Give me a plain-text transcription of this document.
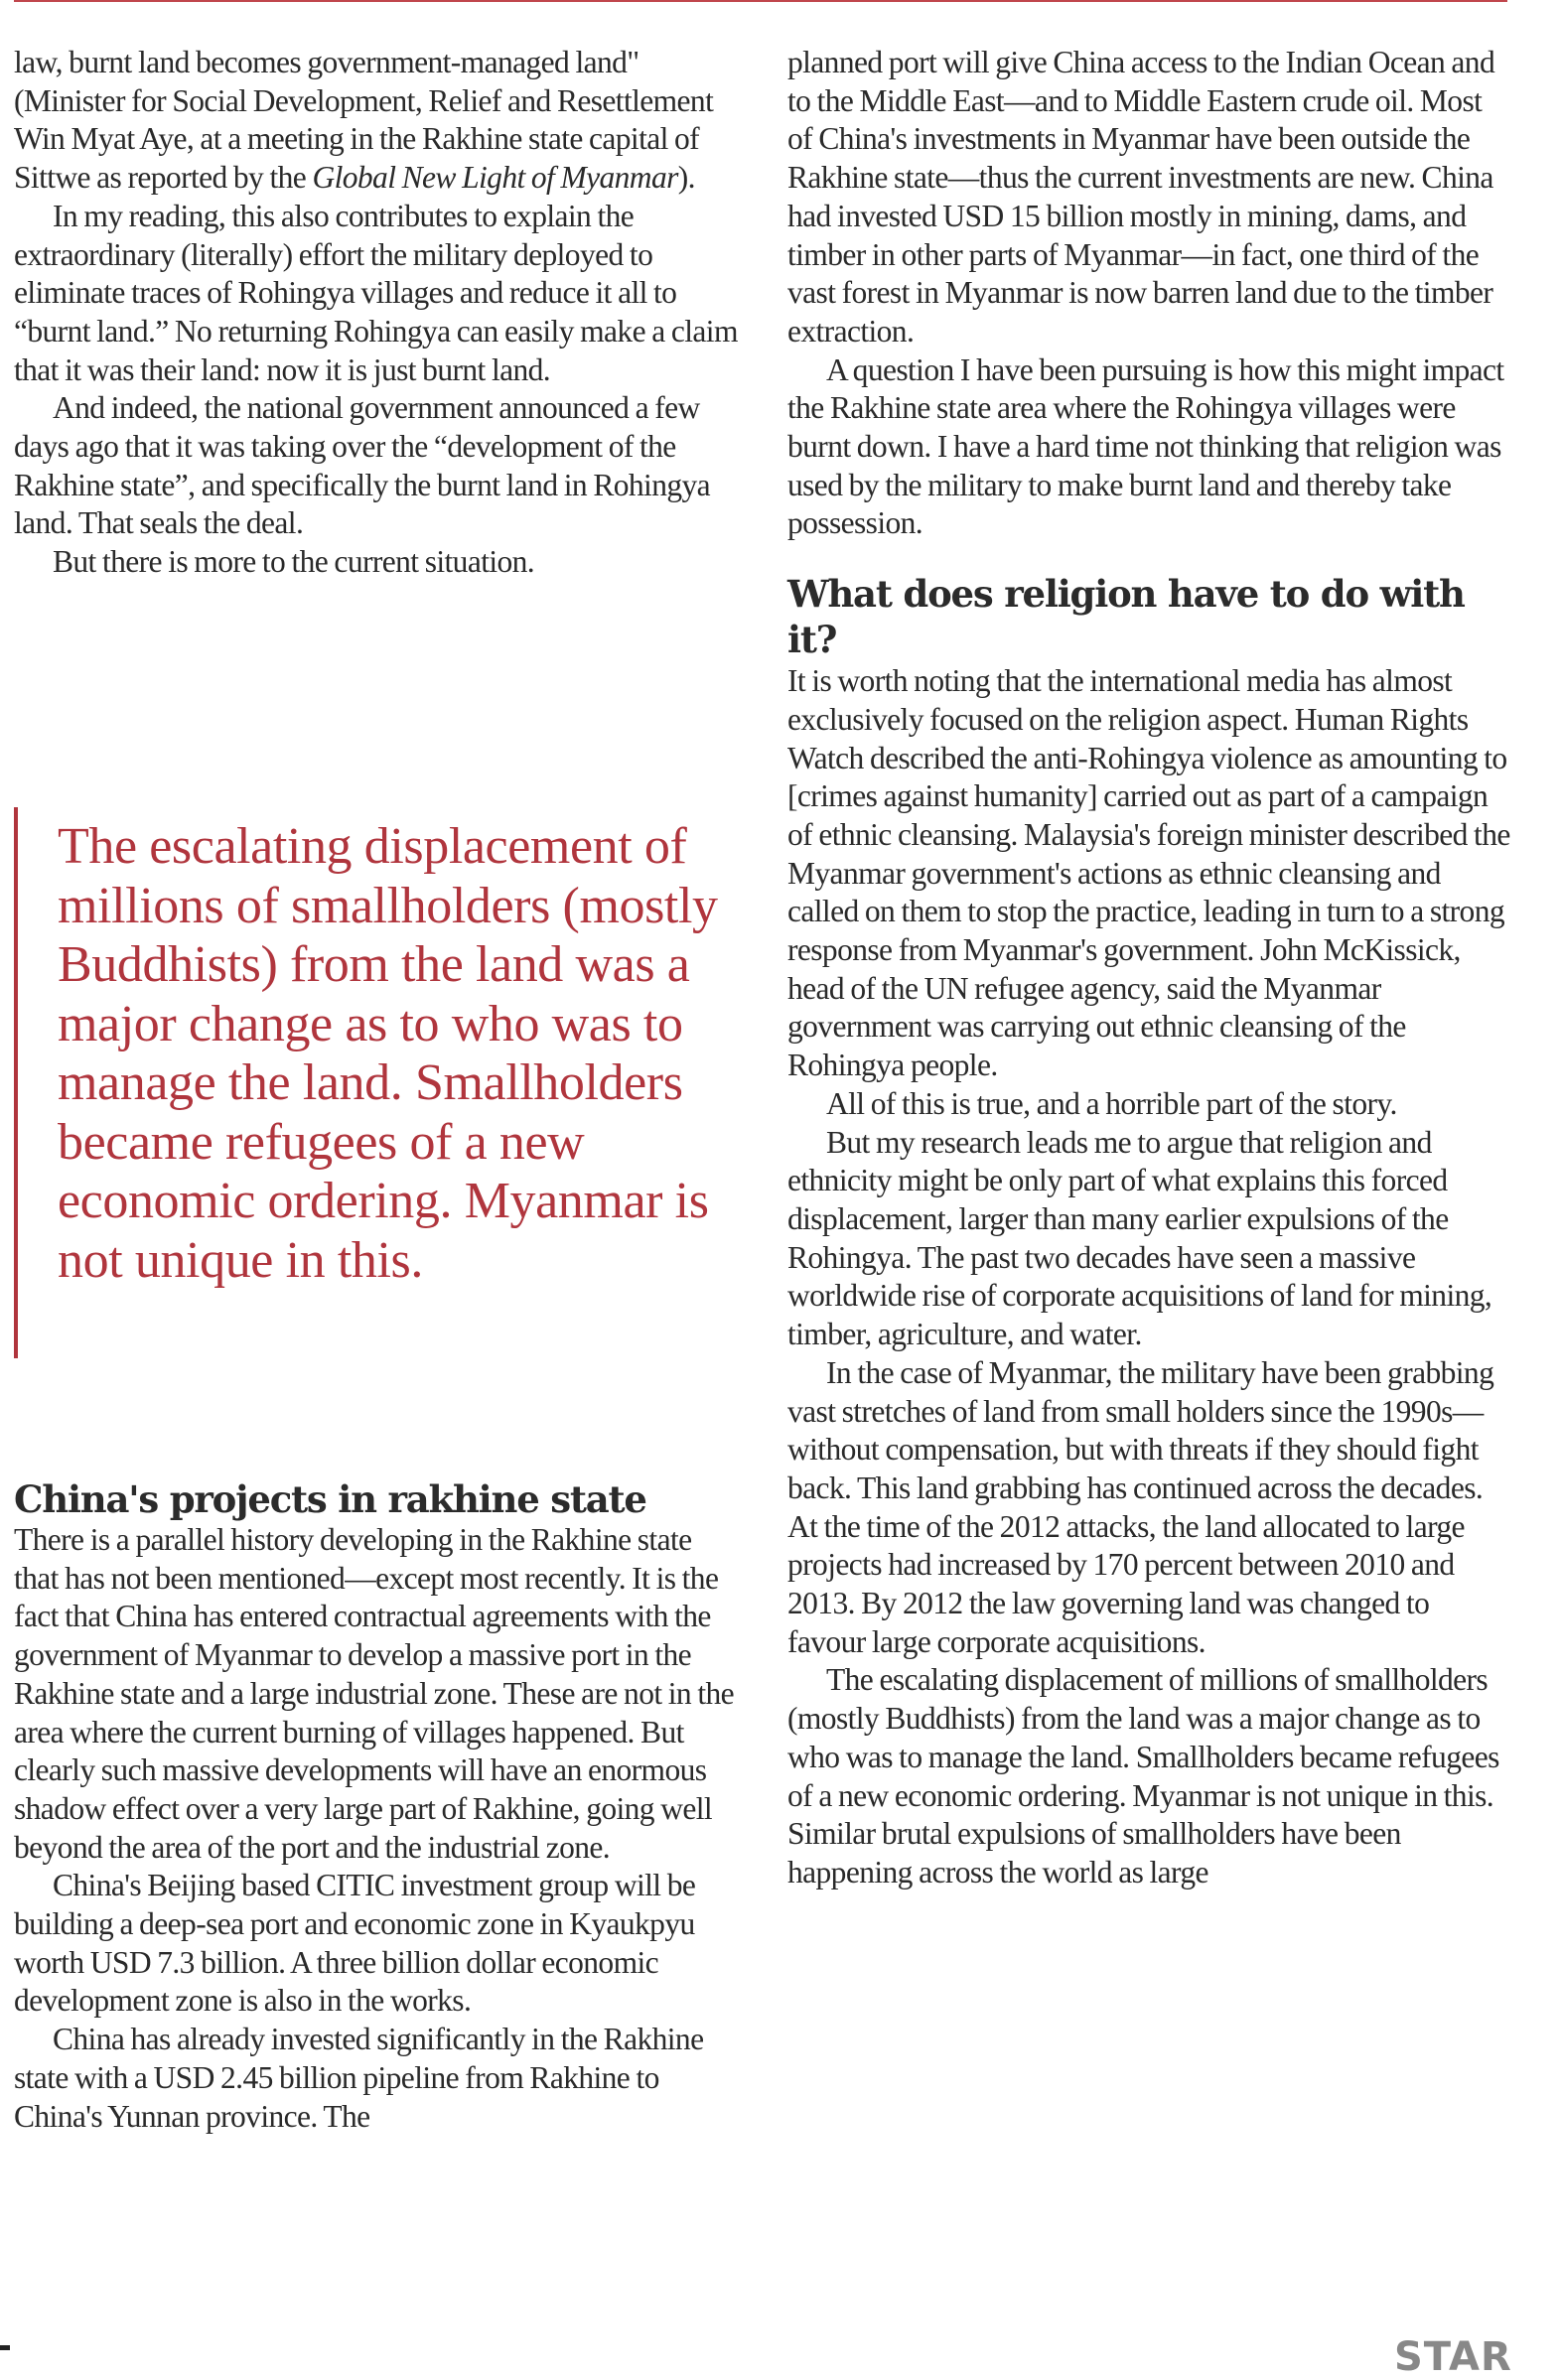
law, burnt land becomes government-managed land" (Minister for Social Development, Relief and Resettlement Win Myat Aye, at a meeting in the Rakhine state capital of Sittwe as reported by the Global New Light of Myanmar).

In my reading, this also contributes to explain the extraordinary (literally) effort the military deployed to eliminate traces of Rohingya villages and reduce it all to “burnt land.” No returning Rohingya can easily make a claim that it was their land: now it is just burnt land.

And indeed, the national government announced a few days ago that it was taking over the “development of the Rakhine state”, and specifically the burnt land in Rohingya land. That seals the deal.

But there is more to the current situation.

The escalating displacement of millions of smallholders (mostly Buddhists) from the land was a major change as to who was to manage the land. Smallholders became refugees of a new economic ordering. Myanmar is not unique in this.

China's projects in rakhine state

There is a parallel history developing in the Rakhine state that has not been mentioned—except most recently. It is the fact that China has entered contractual agreements with the government of Myanmar to develop a massive port in the Rakhine state and a large industrial zone. These are not in the area where the current burning of villages happened. But clearly such massive developments will have an enormous shadow effect over a very large part of Rakhine, going well beyond the area of the port and the industrial zone.

China's Beijing based CITIC investment group will be building a deep-sea port and economic zone in Kyaukpyu worth USD 7.3 billion. A three billion dollar economic development zone is also in the works.

China has already invested significantly in the Rakhine state with a USD 2.45 billion pipeline from Rakhine to China's Yunnan province. The

planned port will give China access to the Indian Ocean and to the Middle East—and to Middle Eastern crude oil. Most of China's investments in Myanmar have been outside the Rakhine state—thus the current investments are new. China had invested USD 15 billion mostly in mining, dams, and timber in other parts of Myanmar—in fact, one third of the vast forest in Myanmar is now barren land due to the timber extraction.

A question I have been pursuing is how this might impact the Rakhine state area where the Rohingya villages were burnt down. I have a hard time not thinking that religion was used by the military to make burnt land and thereby take possession.

What does religion have to do with it?

It is worth noting that the international media has almost exclusively focused on the religion aspect. Human Rights Watch described the anti-Rohingya violence as amounting to [crimes against humanity] carried out as part of a campaign of ethnic cleansing. Malaysia's foreign minister described the Myanmar government's actions as ethnic cleansing and called on them to stop the practice, leading in turn to a strong response from Myanmar's government. John McKissick, head of the UN refugee agency, said the Myanmar government was carrying out ethnic cleansing of the Rohingya people.

All of this is true, and a horrible part of the story.

But my research leads me to argue that religion and ethnicity might be only part of what explains this forced displacement, larger than many earlier expulsions of the Rohingya. The past two decades have seen a massive worldwide rise of corporate acquisitions of land for mining, timber, agriculture, and water.

In the case of Myanmar, the military have been grabbing vast stretches of land from small holders since the 1990s—without compensation, but with threats if they should fight back. This land grabbing has continued across the decades. At the time of the 2012 attacks, the land allocated to large projects had increased by 170 percent between 2010 and 2013. By 2012 the law governing land was changed to favour large corporate acquisitions.

The escalating displacement of millions of smallholders (mostly Buddhists) from the land was a major change as to who was to manage the land. Smallholders became refugees of a new economic ordering. Myanmar is not unique in this. Similar brutal expulsions of smallholders have been happening across the world as large

STAR
